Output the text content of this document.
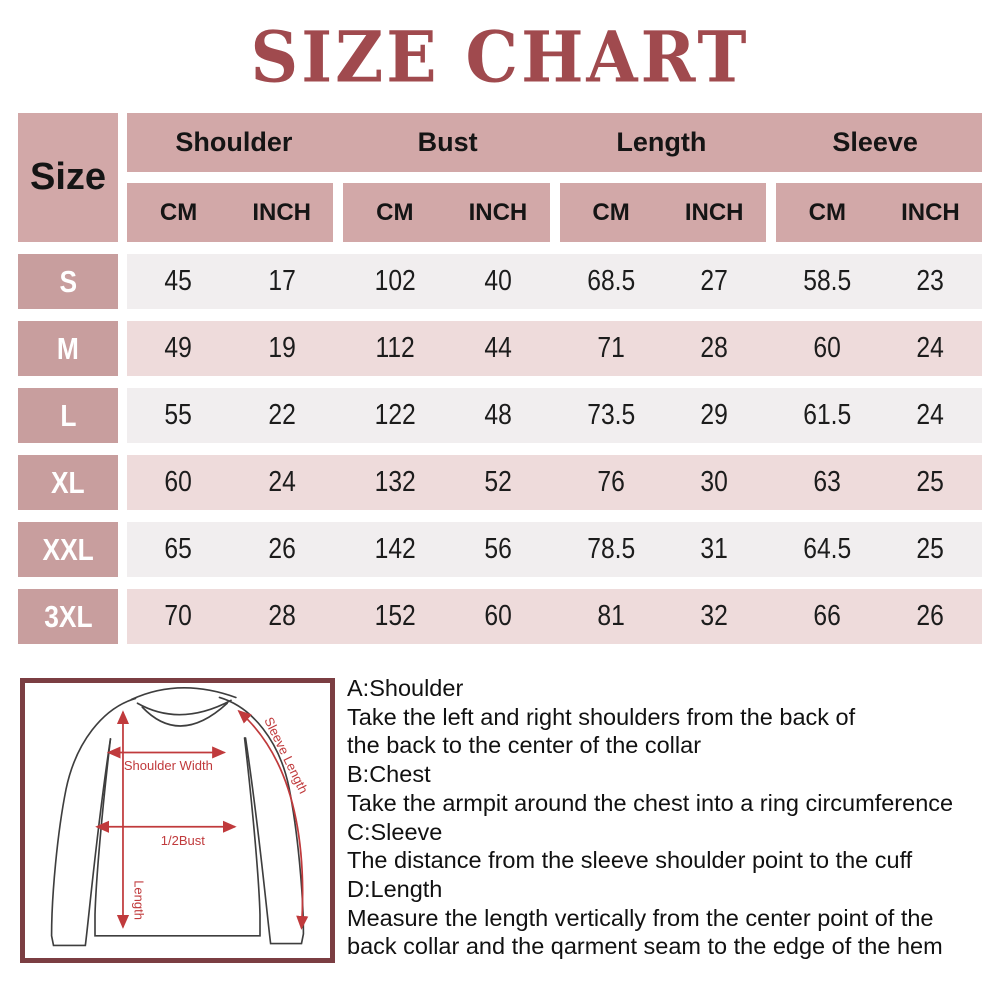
SIZE CHART
Size
Shoulder	Bust	Length	Sleeve
CM	INCH	CM	INCH	CM	INCH	CM	INCH
S	45	17	102	40	68.5	27	58.5	23
M	49	19	112	44	71	28	60	24
L	55	22	122	48	73.5	29	61.5	24
XL	60	24	132	52	76	30	63	25
XXL	65	26	142	56	78.5	31	64.5	25
3XL	70	28	152	60	81	32	66	26
Shoulder Width
1/2Bust
Length
Sleeve Length
A:Shoulder
Take the left and right shoulders from the back of
the back to the center of the collar
B:Chest
Take the armpit around the chest into a ring circumference
C:Sleeve
The distance from the sleeve shoulder point to the cuff
D:Length
Measure the length vertically from the center point of the
back collar and the qarment seam to the edge of the hem
